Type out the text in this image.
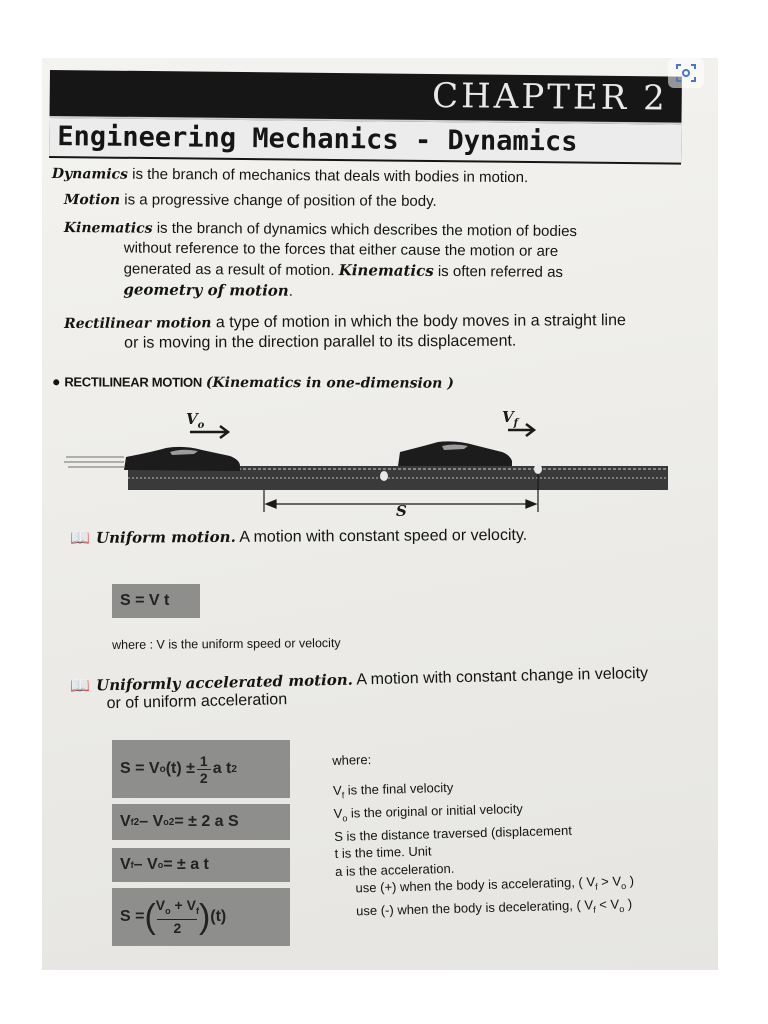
CHAPTER 2
Engineering Mechanics - Dynamics
Dynamics is the branch of mechanics that deals with bodies in motion.
Motion is a progressive change of position of the body.
Kinematics is the branch of dynamics which describes the motion of bodies
without reference to the forces that either cause the motion or are
generated as a result of motion. Kinematics is often referred as
geometry of motion.
Rectilinear motion a type of motion in which the body moves in a straight line
or is moving in the direction parallel to its displacement.
● RECTILINEAR MOTION (Kinematics in one-dimension )
$V_o$	$V_f$
S
📖 Uniform motion. A motion with constant speed or velocity.
S = V t
where : V is the uniform speed or velocity
📖 Uniformly accelerated motion. A motion with constant change in velocity
or of uniform acceleration
S = V o $(t) \pm \frac{1}{2}$ a t 2
V f 2 – V o 2 = ± 2 a S
V f – V o = ± a t
S = ( $V_o + V_f$
2 ) (t)
where:
$V_f$ is the final velocity
$V_o$ is the original or initial velocity
S is the distance traversed (displacement
t is the time. Unit
a is the acceleration.
use (+) when the body is accelerating, ( $V_f > V_o$ )
use (-) when the body is decelerating, ( $V_f < V_o$ )
